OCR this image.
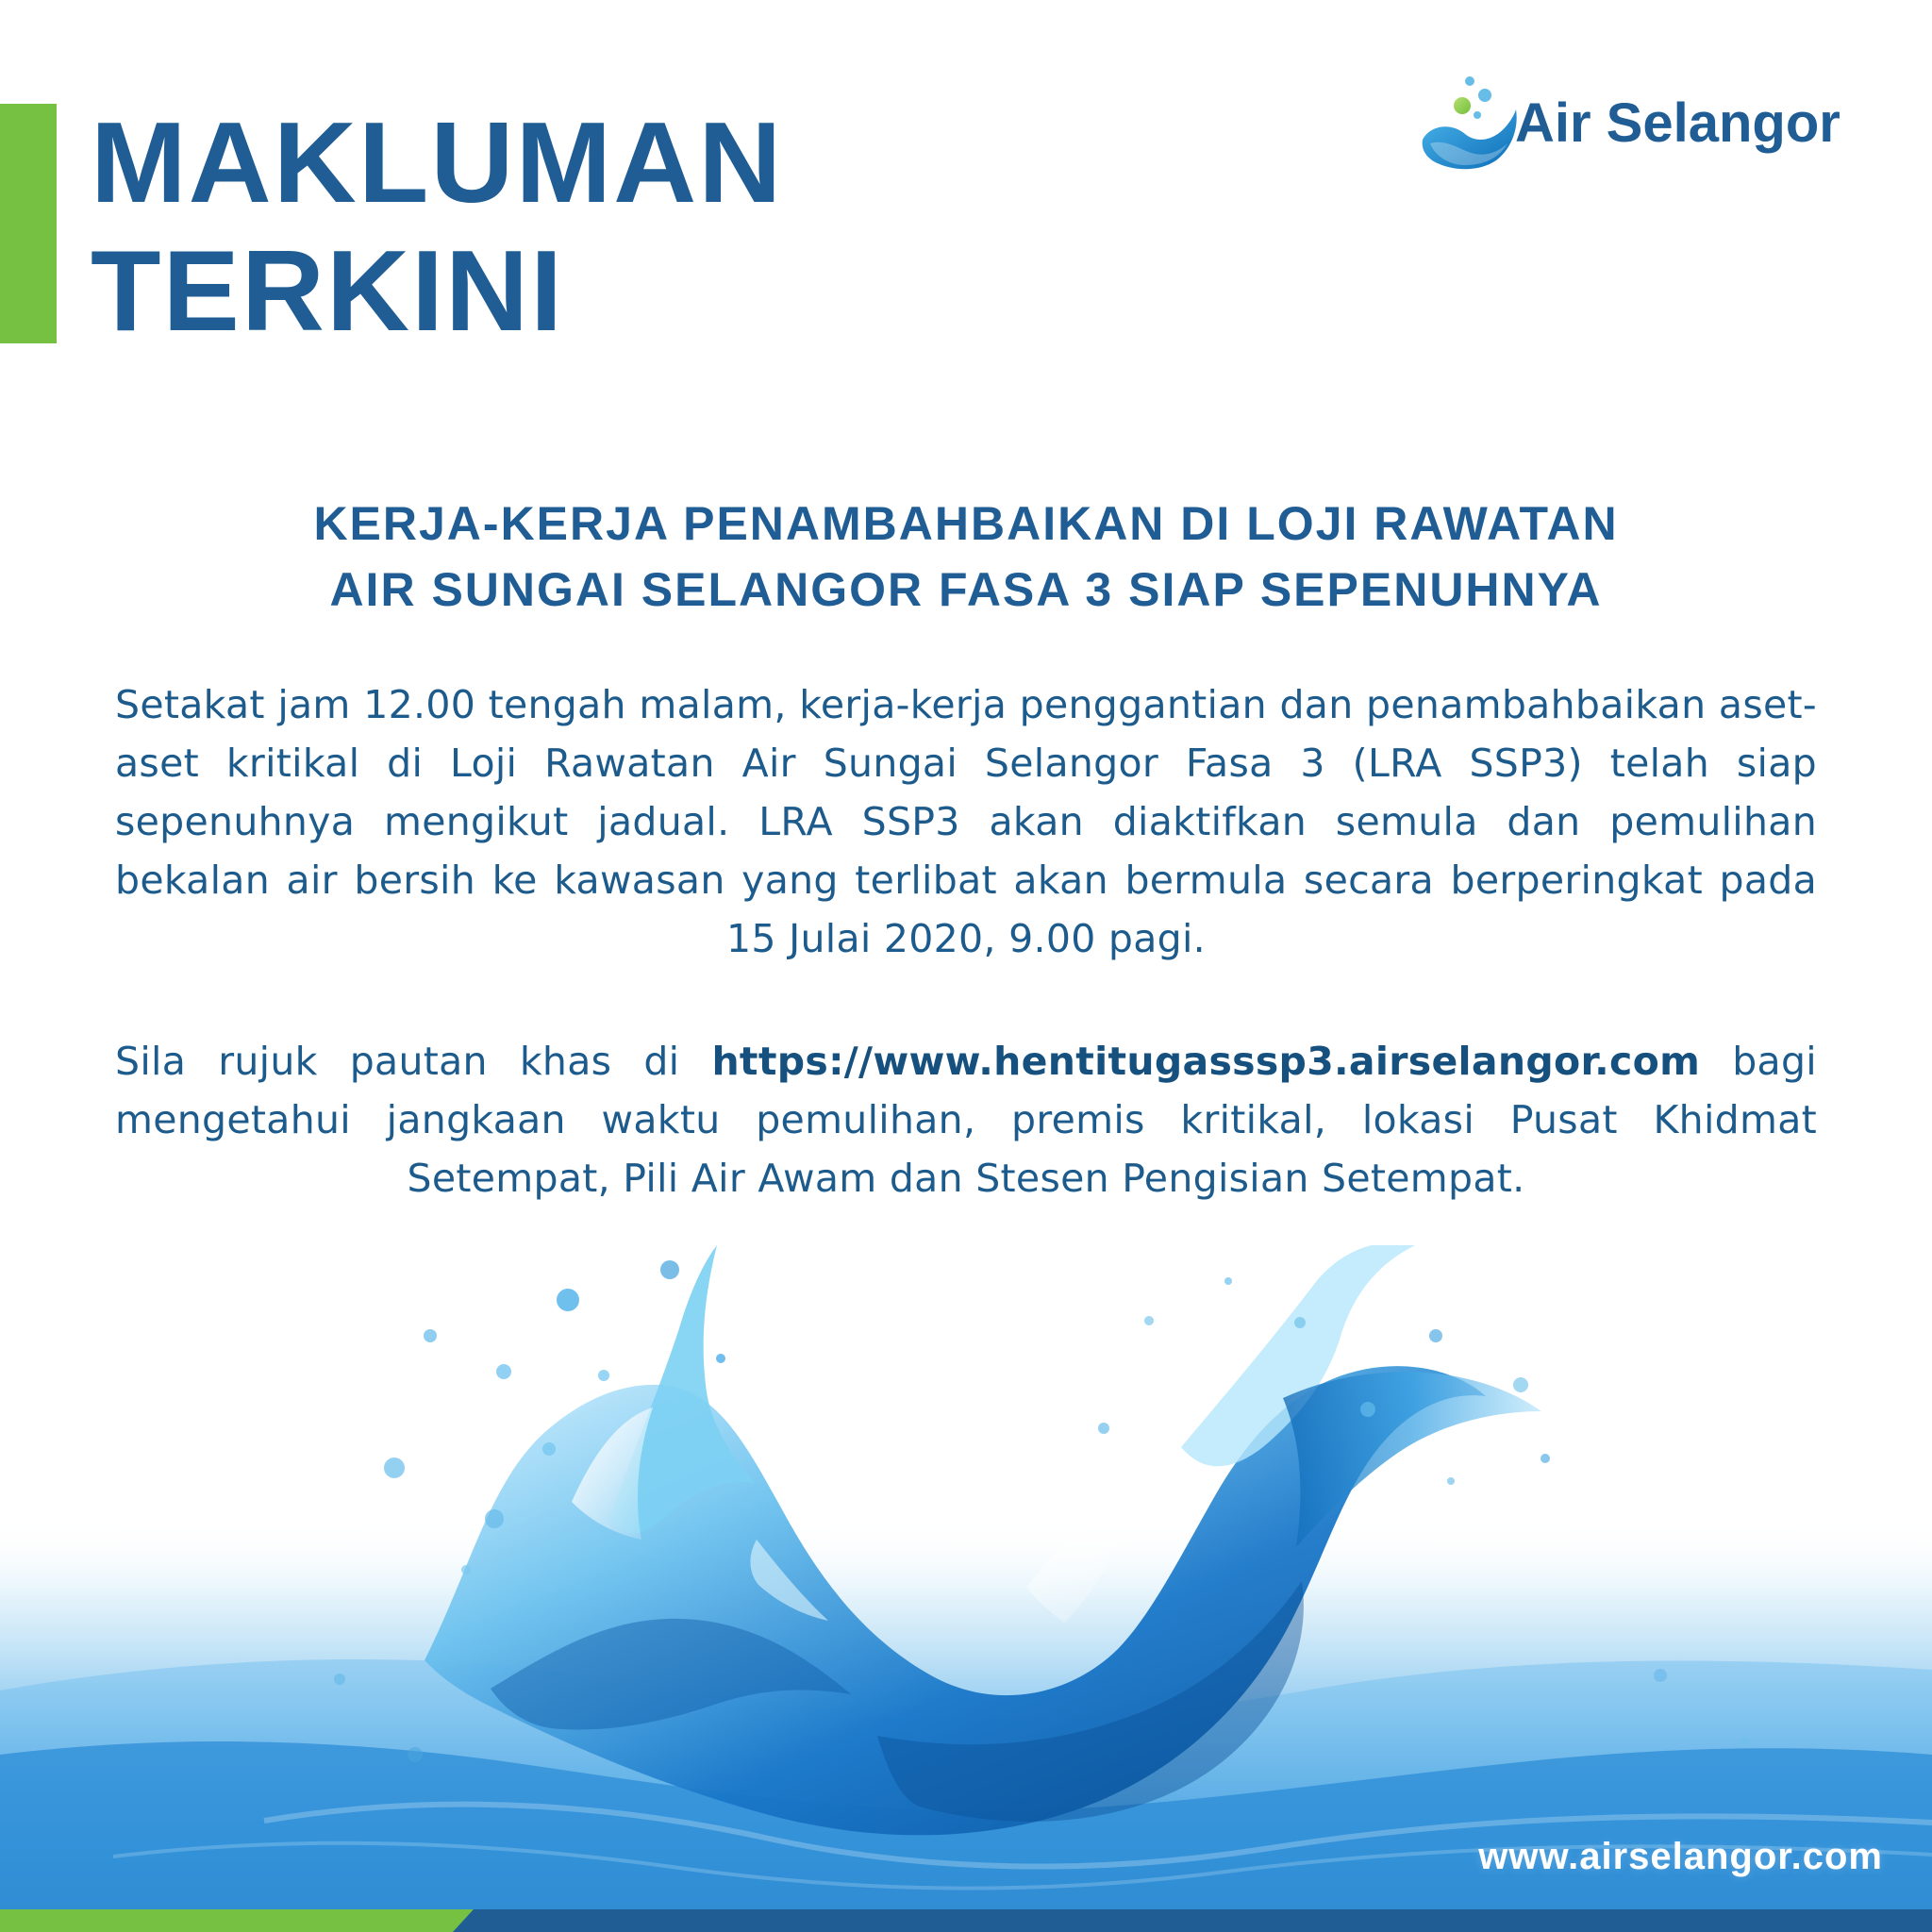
MAKLUMAN
TERKINI
Air Selangor
KERJA-KERJA PENAMBAHBAIKAN DI LOJI RAWATAN
AIR SUNGAI SELANGOR FASA 3 SIAP SEPENUHNYA

Setakat jam 12.00 tengah malam, kerja-kerja penggantian dan penambahbaikan aset-aset kritikal di Loji Rawatan Air Sungai Selangor Fasa 3 (LRA SSP3) telah siap sepenuhnya mengikut jadual. LRA SSP3 akan diaktifkan semula dan pemulihan bekalan air bersih ke kawasan yang terlibat akan bermula secara berperingkat pada 15 Julai 2020, 9.00 pagi.

Sila rujuk pautan khas di https://www.hentitugasssp3.airselangor.com bagi mengetahui jangkaan waktu pemulihan, premis kritikal, lokasi Pusat Khidmat Setempat, Pili Air Awam dan Stesen Pengisian Setempat.

www.airselangor.com
